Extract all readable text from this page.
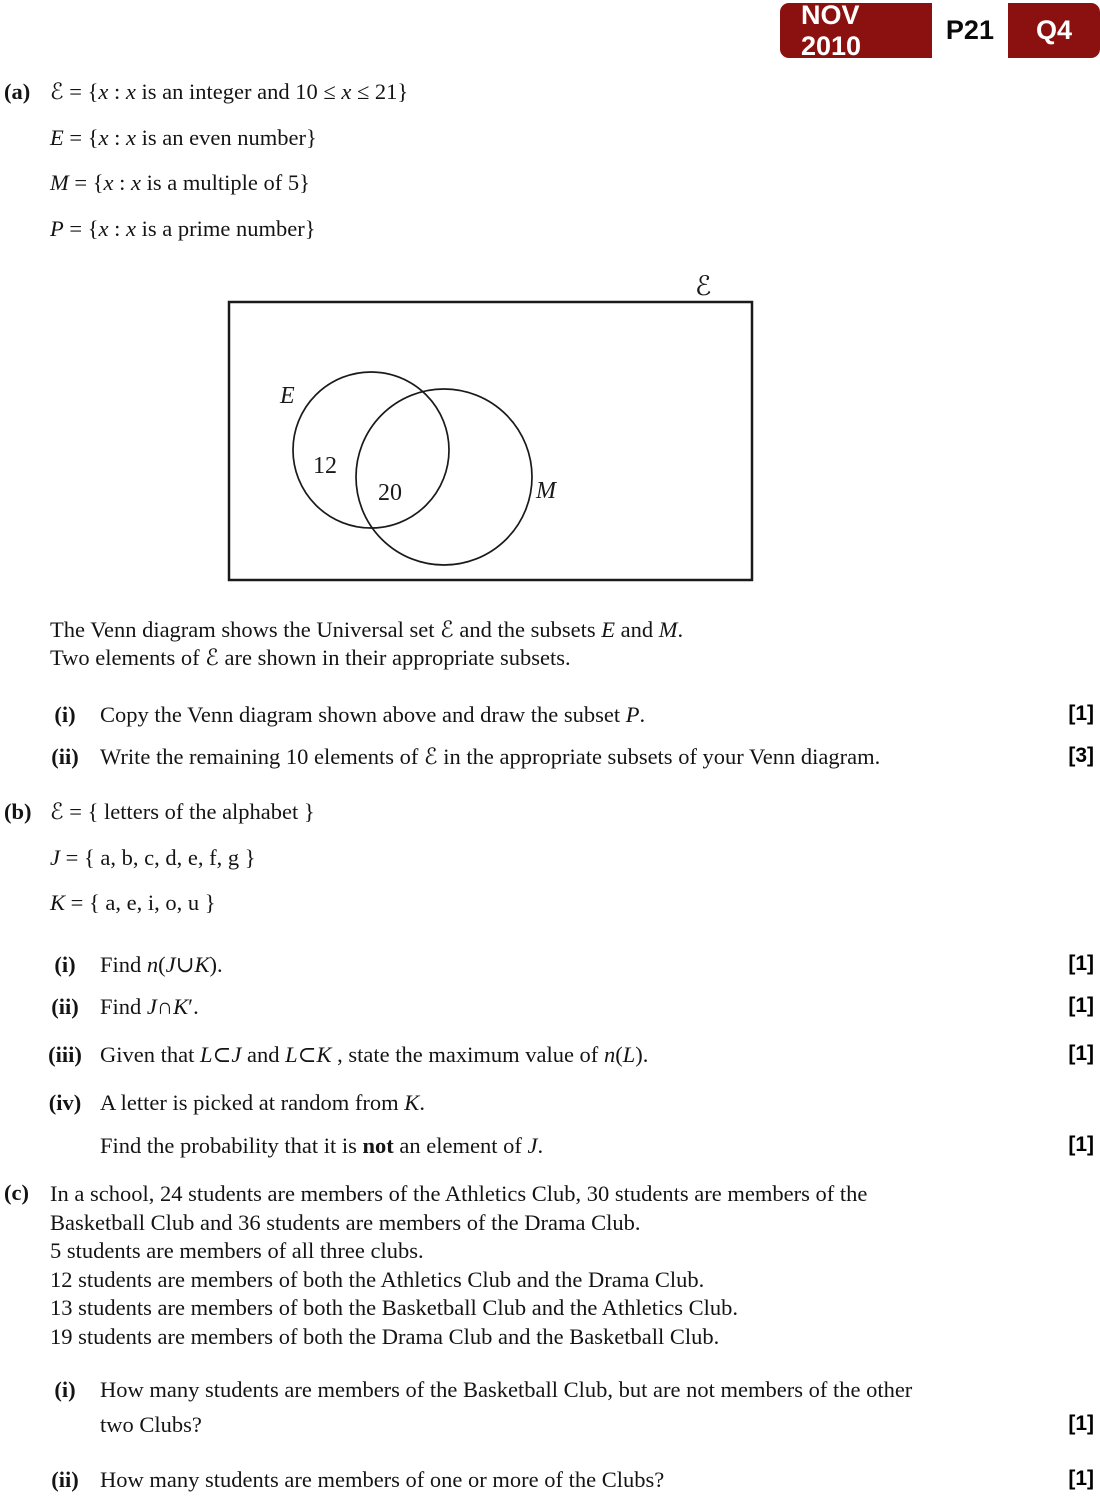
NOV 2010
P21	Q4
(a) ℰ = {x : x is an integer and 10 ≤ x ≤ 21}
E = {x : x is an even number}
M = {x : x is a multiple of 5}
P = {x : x is a prime number}
ℰ
E
12
20	M
The Venn diagram shows the Universal set ℰ and the subsets E and M.
Two elements of ℰ are shown in their appropriate subsets.
(i)	Copy the Venn diagram shown above and draw the subset P.	[1]
(ii) Write the remaining 10 elements of ℰ in the appropriate subsets of your Venn diagram.	[3]
(b) ℰ = { letters of the alphabet }
J = { a, b, c, d, e, f, g }
K = { a, e, i, o, u }
(i)	Find n(J∪K).	[1]
(ii) Find J∩K′.	[1]
(iii) Given that L⊂J and L⊂K , state the maximum value of n(L).	[1]
(iv) A letter is picked at random from K.
Find the probability that it is not an element of J.	[1]
(c) In a school, 24 students are members of the Athletics Club, 30 students are members of the
Basketball Club and 36 students are members of the Drama Club.
5 students are members of all three clubs.
12 students are members of both the Athletics Club and the Drama Club.
13 students are members of both the Basketball Club and the Athletics Club.
19 students are members of both the Drama Club and the Basketball Club.
(i)	How many students are members of the Basketball Club, but are not members of the other
two Clubs?	[1]
(ii) How many students are members of one or more of the Clubs?	[1]
